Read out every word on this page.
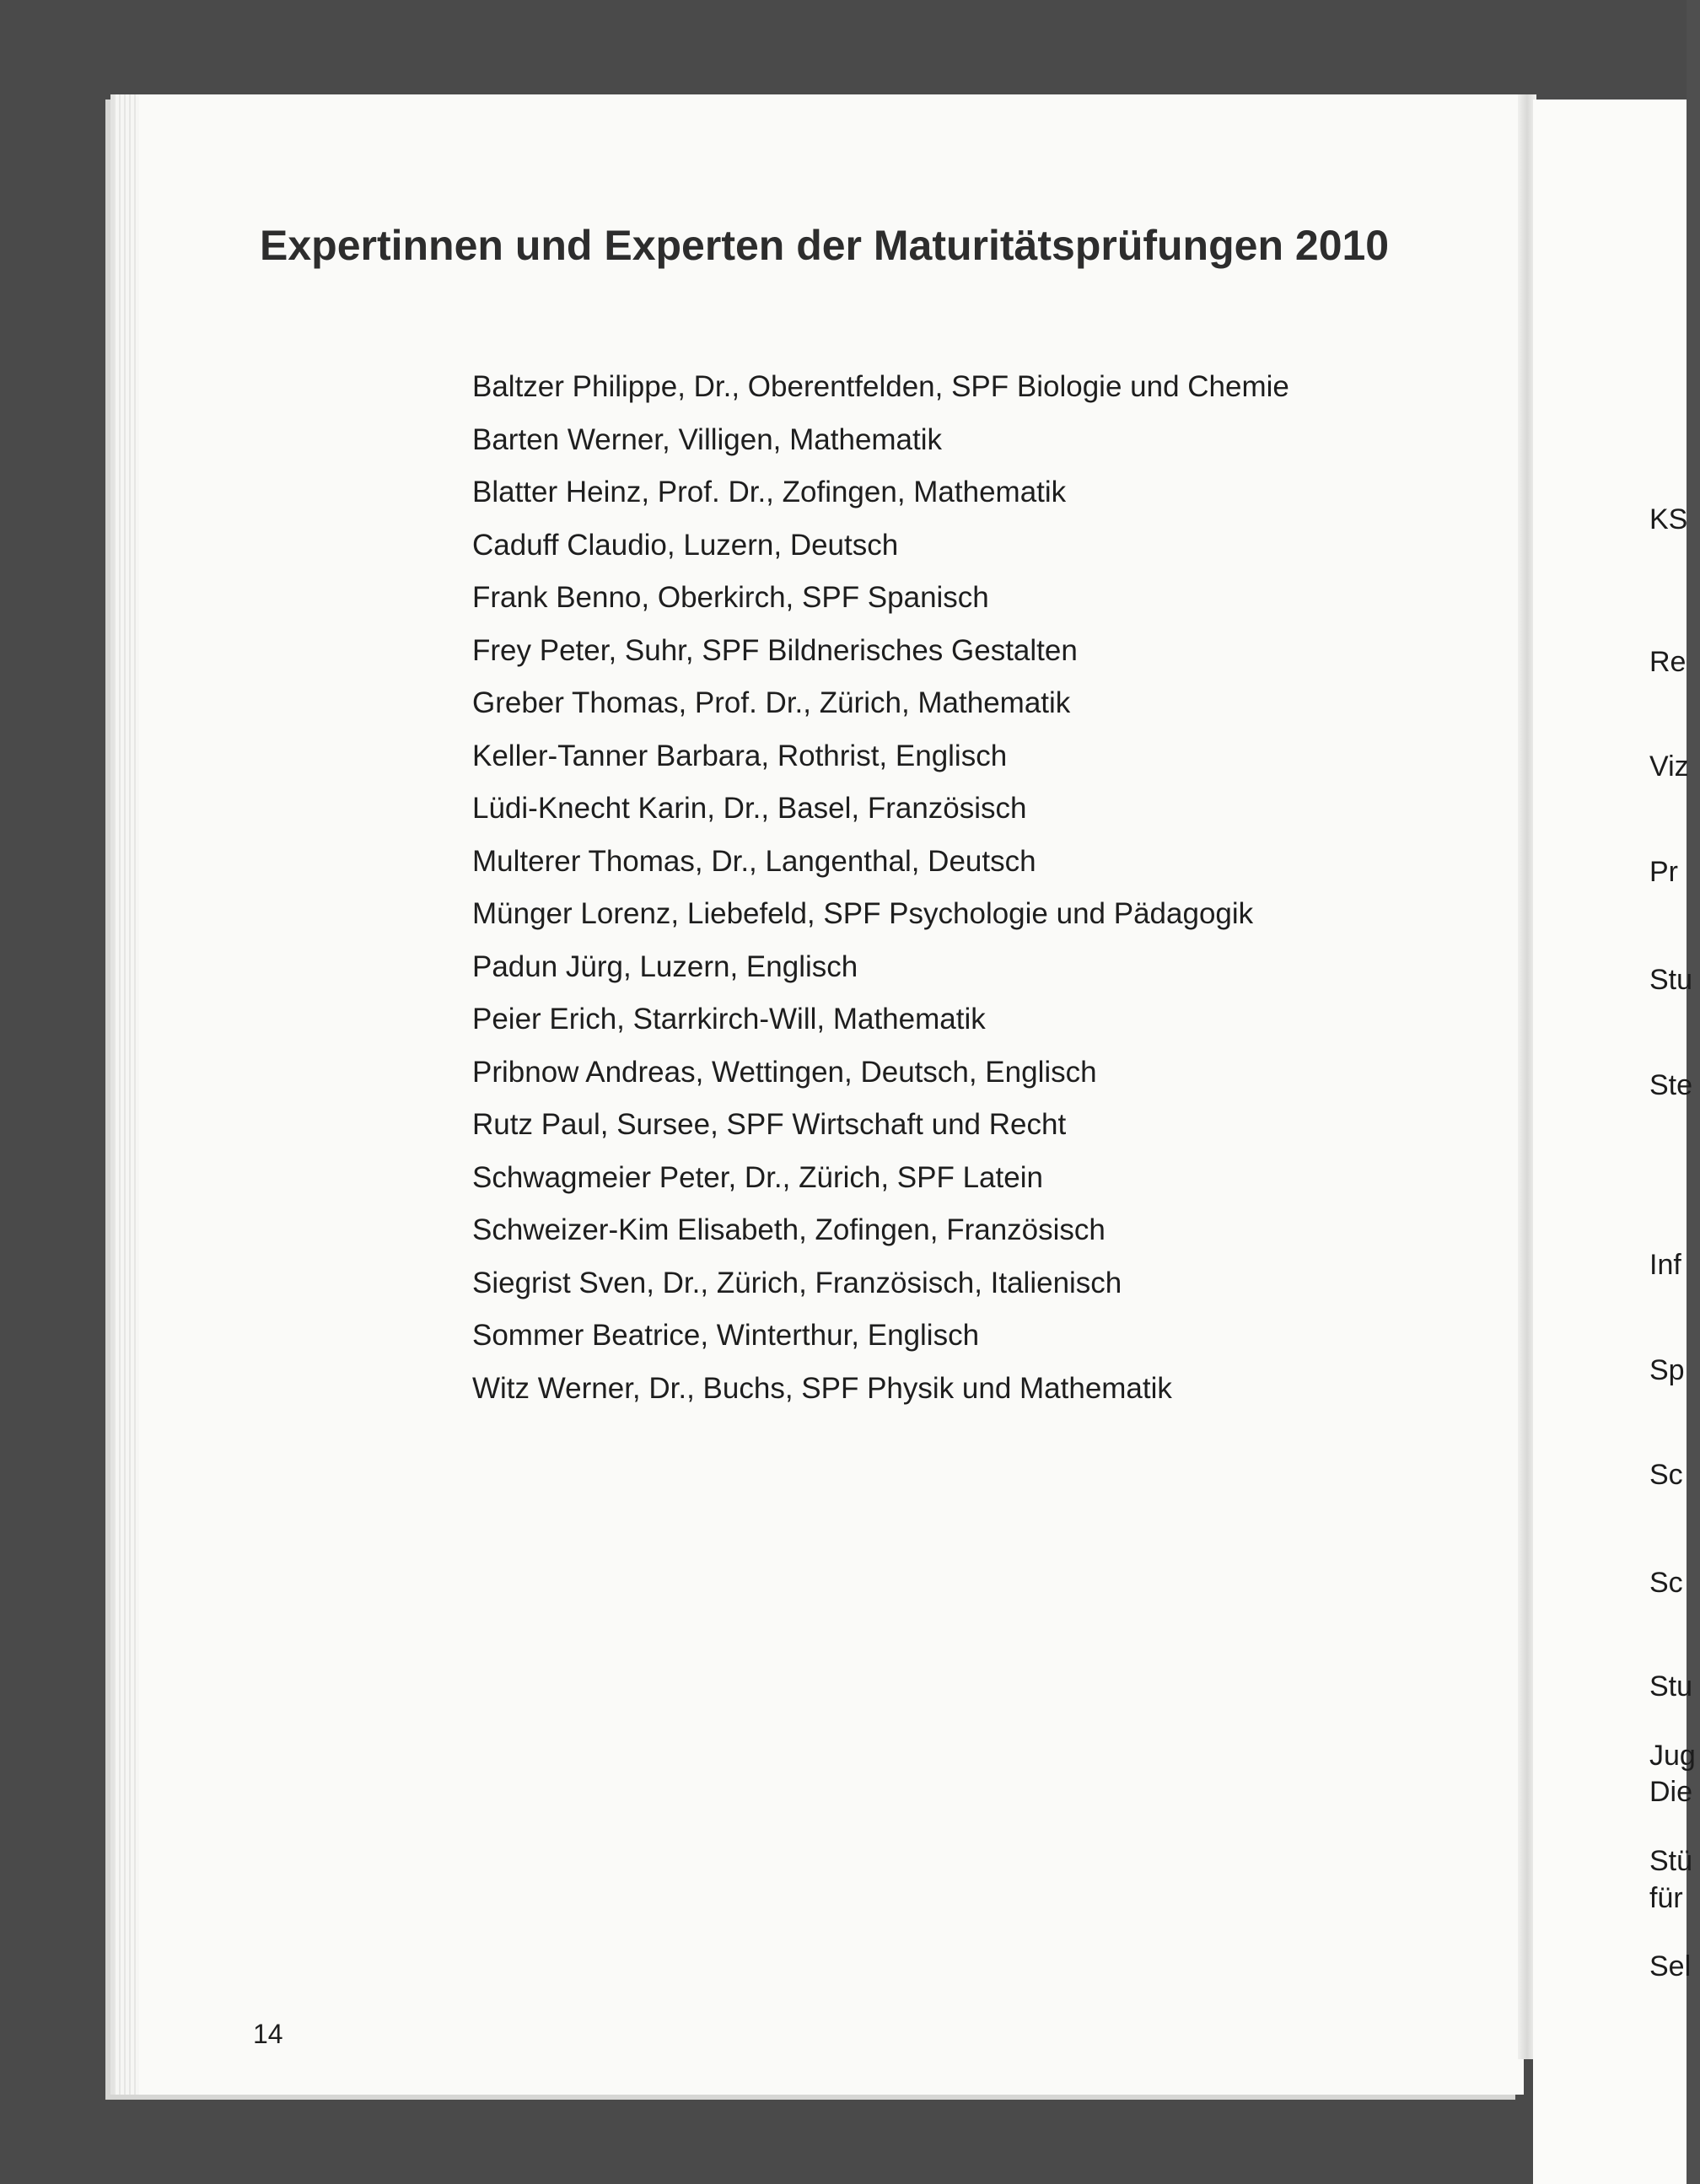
KS
Re
Viz
Pr
Stu
Ste
Inf
Sp
Sc
Sc
Stu
Jug
Die
Stü
für
Sel
Expertinnen und Experten der Maturitätsprüfungen 2010
Baltzer Philippe, Dr., Oberentfelden, SPF Biologie und Chemie
Barten Werner, Villigen, Mathematik
Blatter Heinz, Prof. Dr., Zofingen, Mathematik
Caduff Claudio, Luzern, Deutsch
Frank Benno, Oberkirch, SPF Spanisch
Frey Peter, Suhr, SPF Bildnerisches Gestalten
Greber Thomas, Prof. Dr., Zürich, Mathematik
Keller-Tanner Barbara, Rothrist, Englisch
Lüdi-Knecht Karin, Dr., Basel, Französisch
Multerer Thomas, Dr., Langenthal, Deutsch
Münger Lorenz, Liebefeld, SPF Psychologie und Pädagogik
Padun Jürg, Luzern, Englisch
Peier Erich, Starrkirch-Will, Mathematik
Pribnow Andreas, Wettingen, Deutsch, Englisch
Rutz Paul, Sursee, SPF Wirtschaft und Recht
Schwagmeier Peter, Dr., Zürich, SPF Latein
Schweizer-Kim Elisabeth, Zofingen, Französisch
Siegrist Sven, Dr., Zürich, Französisch, Italienisch
Sommer Beatrice, Winterthur, Englisch
Witz Werner, Dr., Buchs, SPF Physik und Mathematik
14
